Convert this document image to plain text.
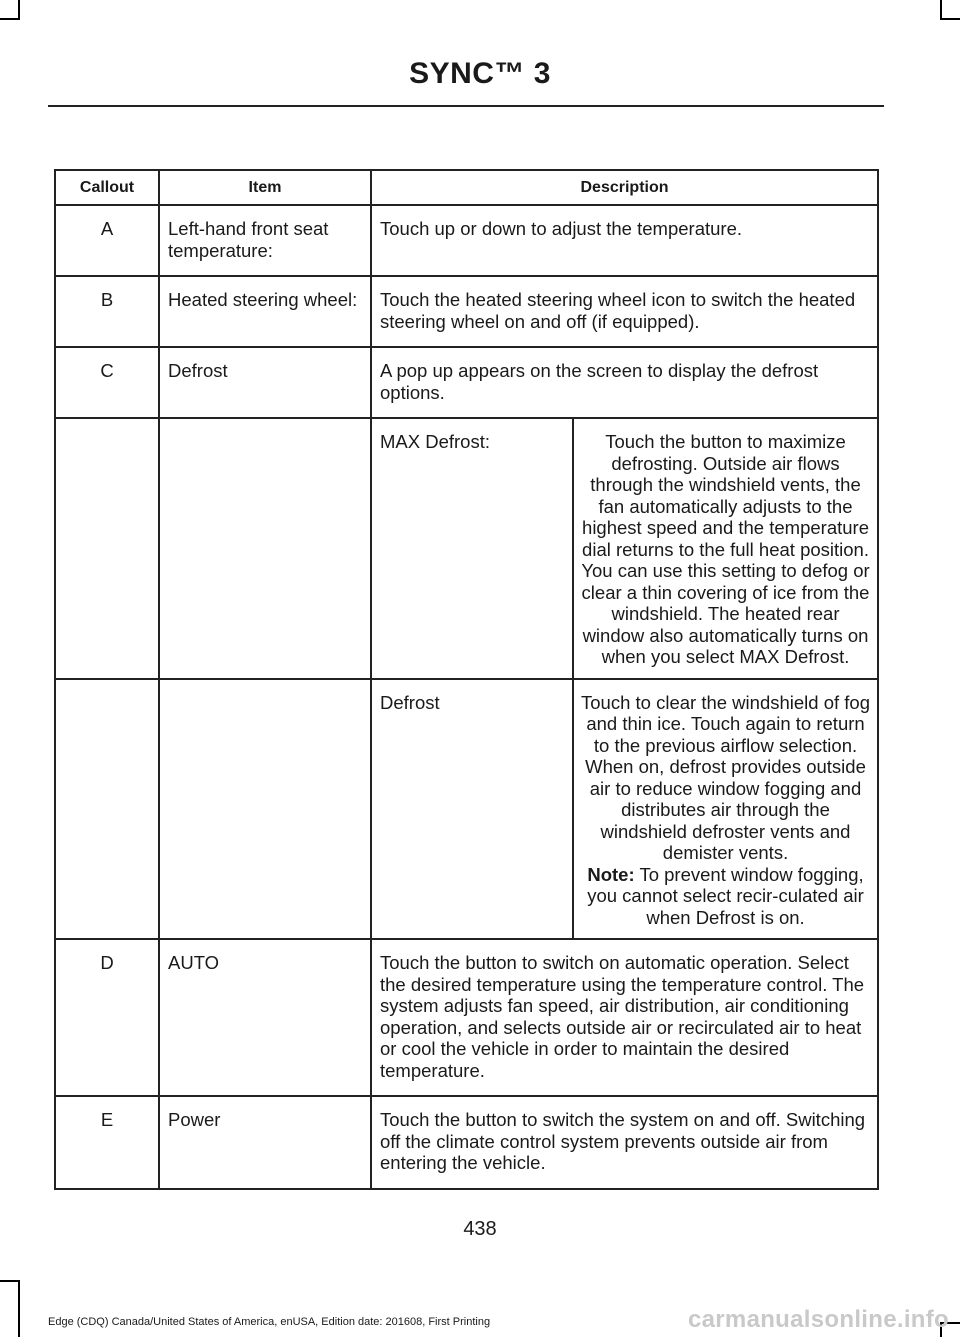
SYNC™ 3
Callout	Item	Description	
A	Left-hand front seat temperature:	Touch up or down to adjust the temperature.	
B	Heated steering wheel:	Touch the heated steering wheel icon to switch the heated steering wheel on and off (if equipped).	
C	Defrost	A pop up appears on the screen to display the defrost options.	
		MAX Defrost:	Touch the button to maximize defrosting. Outside air flows through the windshield vents, the fan automatically adjusts to the highest speed and the temperature dial returns to the full heat position. You can use this setting to defog or clear a thin covering of ice from the windshield. The heated rear window also automatically turns on when you select MAX Defrost.
		Defrost	Touch to clear the windshield of fog and thin ice. Touch again to return to the previous airflow selection. When on, defrost provides outside air to reduce window fogging and distributes air through the windshield defroster vents and demister vents.
Note: To prevent window fogging, you cannot select recir-culated air when Defrost is on.

D	AUTO	Touch the button to switch on automatic operation. Select the desired temperature using the temperature control. The system adjusts fan speed, air distribution, air conditioning operation, and selects outside air or recirculated air to heat or cool the vehicle in order to maintain the desired temperature.	
E	Power	Touch the button to switch the system on and off. Switching off the climate control system prevents outside air from entering the vehicle.	
438
Edge (CDQ) Canada/United States of America, enUSA, Edition date: 201608, First Printing	carmanualsonline.info
